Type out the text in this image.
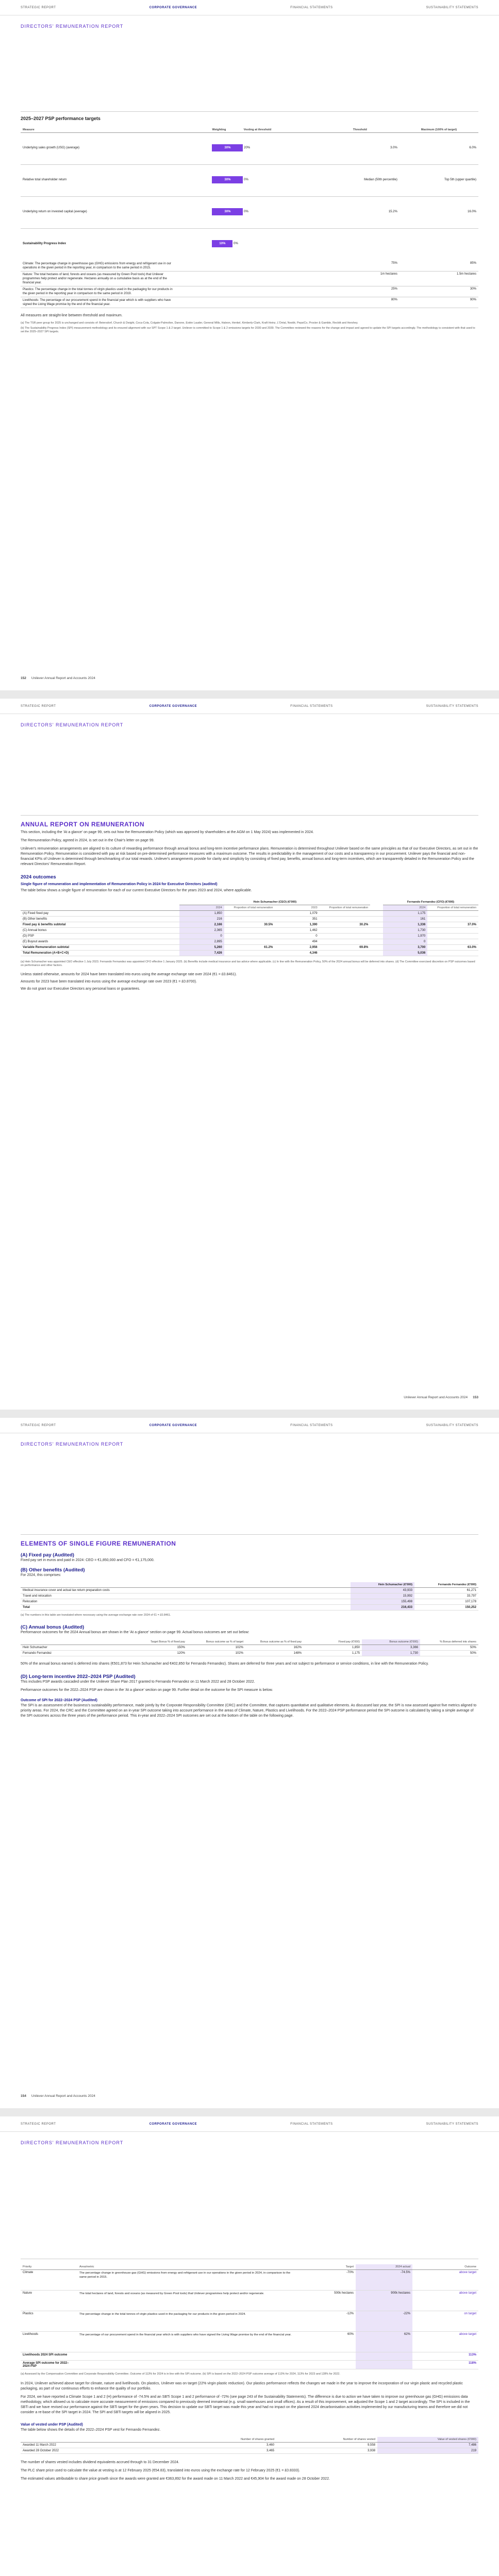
STRATEGIC REPORT	CORPORATE GOVERNANCE	FINANCIAL STATEMENTS	SUSTAINABILITY STATEMENTS
DIRECTORS' REMUNERATION REPORT
2025–2027 PSP performance targets
Measure	Weighting	Vesting at threshold	Threshold	Maximum (100% of target)
Underlying sales growth (USG) (average)	30% 20%		3.0%	6.0%
Relative total shareholder return	30% 0%		Median (50th percentile)	Top 5th (upper quartile)
Underlying return on invested capital (average)	30% 0%		15.2%	16.0%
Sustainability Progress Index	10% 0%			
Climate: The percentage change in greenhouse gas (GHG) emissions from energy and refrigerant use in our operations in the given period in the reporting year, in comparison to the same period in 2015.		75%	85%
Nature: The total hectares of land, forests and oceans (as measured by Green Pool tools) that Unilever programmes help protect and/or regenerate. Hectares annually on a cumulative basis as at the end of the financial year.		1m hectares	1.5m hectares
Plastics: The percentage change in the total tonnes of virgin plastics used in the packaging for our products in the given period in the reporting year in comparison to the same period in 2019.		25%	30%
Livelihoods: The percentage of our procurement spend in the financial year which is with suppliers who have signed the Living Wage promise by the end of the financial year.		80%	90%
All measures are straight-line between threshold and maximum.
(a) The TSR peer group for 2025 is unchanged and consists of: Beiersdorf, Church & Dwight, Coca-Cola, Colgate-Palmolive, Danone, Estée Lauder, General Mills, Haleon, Henkel, Kimberly-Clark, Kraft Heinz, L'Oréal, Nestlé, PepsiCo, Procter & Gamble, Reckitt and Hershey.
(b) The Sustainability Progress Index (SPI) measurement methodology and its ensured alignment with our SPT Scope 1 & 2 target. Unilever is committed to Scope 1 & 2 emissions targets for 2030 and 2039. The Committee reviewed the reasons for the change and impact and agreed to update the SPI targets accordingly. The methodology is consistent with that used to set the 2025–2027 SPI targets.
152 Unilever Annual Report and Accounts 2024
STRATEGIC REPORT	CORPORATE GOVERNANCE	FINANCIAL STATEMENTS	SUSTAINABILITY STATEMENTS
DIRECTORS' REMUNERATION REPORT
ANNUAL REPORT ON REMUNERATION
This section, including the 'At a glance' on page 99, sets out how the Remuneration Policy (which was approved by shareholders at the AGM on 1 May 2024) was implemented in 2024.
The Remuneration Policy, agreed in 2024, is set out in the Chair's letter on page 99.
Unilever's remuneration arrangements are aligned to its culture of rewarding performance through annual bonus and long-term incentive performance plans. Remuneration is determined throughout Unilever based on the same principles as that of our Executive Directors, as set out in the Remuneration Policy. Remuneration is considered with pay at risk based on pre-determined performance measures with a maximum outcome. The results in predictability in the management of our costs and a transparency in our procurement. Unilever pays the financial and non-financial KPIs of Unilever is determined through benchmarking of our total rewards. Unilever's arrangements provide for clarity and simplicity by consisting of fixed pay, benefits, annual bonus and long-term incentives, which are transparently detailed in the Remuneration Policy and the relevant Directors' Remuneration Report.
2024 outcomes
Single figure of remuneration and implementation of Remuneration Policy in 2024 for Executive Directors (audited)
The table below shows a single figure of remuneration for each of our current Executive Directors for the years 2023 and 2024, where applicable.
	Hein Schumacher (CEO) (€'000)					Fernando Fernandez (CFO) (€'000)	
	2024	Proportion of total remuneration	2023	Proportion of total remuneration		2024	Proportion of total remuneration
(A) Fixed fixed pay	1,850		1,079			1,175	
(B) Other benefits	216		351			161	
Fixed pay & benefits subtotal	2,166	30.5%	1,390	30.2%		1,336	37.0%
(C) Annual bonus	2,365		1,462			1,730	
(D) PSP	0		0			1,970	
(E) Buyout awards	2,895		494			0	
Variable Remuneration subtotal	5,260	61.2%	2,956	69.8%		3,700	63.0%
Total Remuneration (A+B+C+D)	7,426		4,346			5,036	
(a) Hein Schumacher was appointed CEO effective 1 July 2023. Fernando Fernandez was appointed CFO effective 1 January 2025. (b) Benefits include medical insurance and tax advice where applicable. (c) In line with the Remuneration Policy, 50% of the 2024 annual bonus will be deferred into shares. (d) The Committee exercised discretion on PSP outcomes based on performance and other factors.
Unless stated otherwise, amounts for 2024 have been translated into euros using the average exchange rate over 2024 (€1 = £0.8461).
Amounts for 2023 have been translated into euros using the average exchange rate over 2023 (€1 = £0.8700).
We do not grant our Executive Directors any personal loans or guarantees.
Unilever Annual Report and Accounts 2024 153
STRATEGIC REPORT	CORPORATE GOVERNANCE	FINANCIAL STATEMENTS	SUSTAINABILITY STATEMENTS
DIRECTORS' REMUNERATION REPORT
ELEMENTS OF SINGLE FIGURE REMUNERATION
(A) Fixed pay (Audited)
Fixed pay set in euros and paid in 2024: CEO = €1,850,000 and CFO = €1,175,000.
(B) Other benefits (Audited)
For 2024, this comprises:
	Hein Schumacher (€'000)	Fernando Fernandez (€'000)
Medical insurance cover and actual tax return preparation costs	43,933	61,271
Travel and relocation	15,992	33,797
Relocation	155,498	107,178
Total	216,433	150,252
(a) The numbers in this table are translated where necessary using the average exchange rate over 2024 of €1 = £0.8461.
(C) Annual bonus (Audited)
Performance outcomes for the 2024 Annual bonus are shown in the 'At a glance' section on page 99. Actual bonus outcomes are set out below:
	Target Bonus % of fixed pay	Bonus outcome as % of target	Bonus outcome as % of fixed pay	Fixed pay (€'000)	Bonus outcome (€'000)	% Bonus deferred into shares
Hein Schumacher	150%	102%	162%	1,850	3,366	50%
Fernando Fernandez	120%	102%	148%	1,175	1,730	50%
50% of the annual bonus earned is deferred into shares (€501,873 for Hein Schumacher and €402,850 for Fernando Fernandez). Shares are deferred for three years and not subject to performance or service conditions, in line with the Remuneration Policy.
(D) Long-term incentive 2022–2024 PSP (Audited)
This includes PSP awards cascaded under the Unilever Share Plan 2017 granted to Fernando Fernandez on 11 March 2022 and 28 October 2022.
Performance outcomes for the 2022–2024 PSP are shown in the 'At a glance' section on page 99. Further detail on the outcome for the SPI measure is below.
Outcome of SPI for 2022–2024 PSP (Audited)
The SPI is an assessment of the business's sustainability performance, made jointly by the Corporate Responsibility Committee (CRC) and the Committee, that captures quantitative and qualitative elements. As discussed last year, the SPI is now assessed against five metrics aligned to priority areas. For 2024, the CRC and the Committee agreed on an in-year SPI outcome taking into account performance in the areas of Climate, Nature, Plastics and Livelihoods. For the 2022–2024 PSP performance period the SPI outcome is calculated by taking a simple average of the SPI outcomes across the three years of the performance period. This in-year and 2022–2024 SPI outcomes are set out at the bottom of the table on the following page.
154 Unilever Annual Report and Accounts 2024
STRATEGIC REPORT	CORPORATE GOVERNANCE	FINANCIAL STATEMENTS	SUSTAINABILITY STATEMENTS
DIRECTORS' REMUNERATION REPORT
Priority	Area/metric	Target	2024 actual	Outcome
Climate	The percentage change in greenhouse gas (GHG) emissions from energy and refrigerant use in our operations in the given period in 2024, in comparison to the same period in 2015.	-70%	-74.5%	above target
Nature	The total hectares of land, forests and oceans (as measured by Green Pool tools) that Unilever programmes help protect and/or regenerate.	500k hectares	900k hectares	above target
Plastics	The percentage change in the total tonnes of virgin plastics used in the packaging for our products in the given period in 2024.	-12%	-22%	on target
Livelihoods	The percentage of our procurement spend in the financial year which is with suppliers who have signed the Living Wage promise by the end of the financial year.	60%	62%	above target
Livelihoods 2024 SPI outcome				113%
Average SPI outcome for 2022–2024 PSP				118%
(a) Assessed by the Compensation Committee and Corporate Responsibility Committee. Outcome of 113% for 2024 is in line with the SPI outcome. (b) SPI is based on the 2022–2024 PSP outcome average of 113% for 2024, 113% for 2023 and 128% for 2022.
In 2024, Unilever achieved above target for climate, nature and livelihoods. On plastics, Unilever was on target (22% virgin plastic reduction). Our plastics performance reflects the changes we made in the year to improve the incorporation of our virgin plastic and recycled plastic packaging, as part of our continuous efforts to enhance the quality of our portfolio.
For 2024, we have reported a Climate Scope 1 and 2 (H) performance of -74.5% and an SBTi Scope 1 and 2 performance of -72% (see page 243 of the Sustainability Statements). The difference is due to action we have taken to improve our greenhouse gas (GHG) emissions data methodology, which allowed us to calculate more accurate measurement of emissions compared to previously deemed immaterial (e.g. small warehouses and small offices). As a result of this improvement, we adjusted the Scope 1 and 2 target accordingly. The SPI is included in the SBTi and we have revised our performance against the SBTi target for the given years. This decision to update our SBTi target was made this year and had no impact on the planned 2024 decarbonisation activities implemented by our manufacturing teams and therefore we did not consider a re-base of the SPI target in 2024. The SPI and SBTi targets will be aligned in 2025.
Value of vested under PSP (Audited)
The table below shows the details of the 2022–2024 PSP vest for Fernando Fernandez.
	Number of shares granted	Number of shares vested	Value of vested shares (€'000)
Awarded 11 March 2022	3,460	9,558	7,486
Awarded 28 October 2022	3,465	3,938	219
The number of shares vested includes dividend equivalents accrued through to 31 December 2024.
The PLC share price used to calculate the value at vesting is at 12 February 2025 (€54.83), translated into euros using the exchange rate for 12 February 2025 (€1 = £0.8333).
The estimated values attributable to share price growth since the awards were granted are €363,892 for the award made on 11 March 2022 and €45,904 for the award made on 28 October 2022.
